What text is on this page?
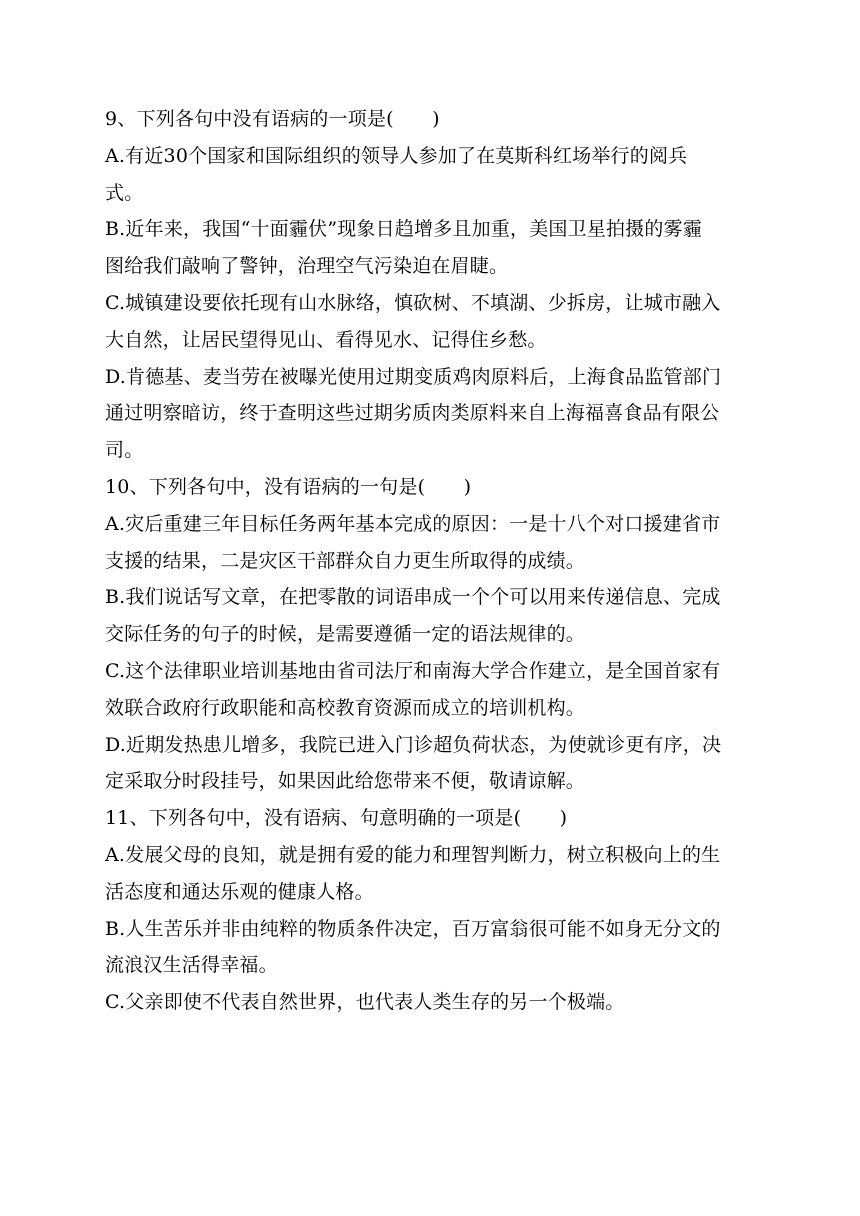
9、下列各句中没有语病的一项是(　　)
A.有近30个国家和国际组织的领导人参加了在莫斯科红场举行的阅兵
式。
B.近年来，我国“十面霾伏”现象日趋增多且加重，美国卫星拍摄的雾霾
图给我们敲响了警钟，治理空气污染迫在眉睫。
C.城镇建设要依托现有山水脉络，慎砍树、不填湖、少拆房，让城市融入
大自然，让居民望得见山、看得见水、记得住乡愁。
D.肯德基、麦当劳在被曝光使用过期变质鸡肉原料后，上海食品监管部门
通过明察暗访，终于查明这些过期劣质肉类原料来自上海福喜食品有限公
司。
10、下列各句中，没有语病的一句是(　　)
A.灾后重建三年目标任务两年基本完成的原因：一是十八个对口援建省市
支援的结果，二是灾区干部群众自力更生所取得的成绩。
B.我们说话写文章，在把零散的词语串成一个个可以用来传递信息、完成
交际任务的句子的时候，是需要遵循一定的语法规律的。
C.这个法律职业培训基地由省司法厅和南海大学合作建立，是全国首家有
效联合政府行政职能和高校教育资源而成立的培训机构。
D.近期发热患儿增多，我院已进入门诊超负荷状态，为使就诊更有序，决
定采取分时段挂号，如果因此给您带来不便，敬请谅解。
11、下列各句中，没有语病、句意明确的一项是(　　)
A.发展父母的良知，就是拥有爱的能力和理智判断力，树立积极向上的生
活态度和通达乐观的健康人格。
B.人生苦乐并非由纯粹的物质条件决定，百万富翁很可能不如身无分文的
流浪汉生活得幸福。
C.父亲即使不代表自然世界，也代表人类生存的另一个极端。
